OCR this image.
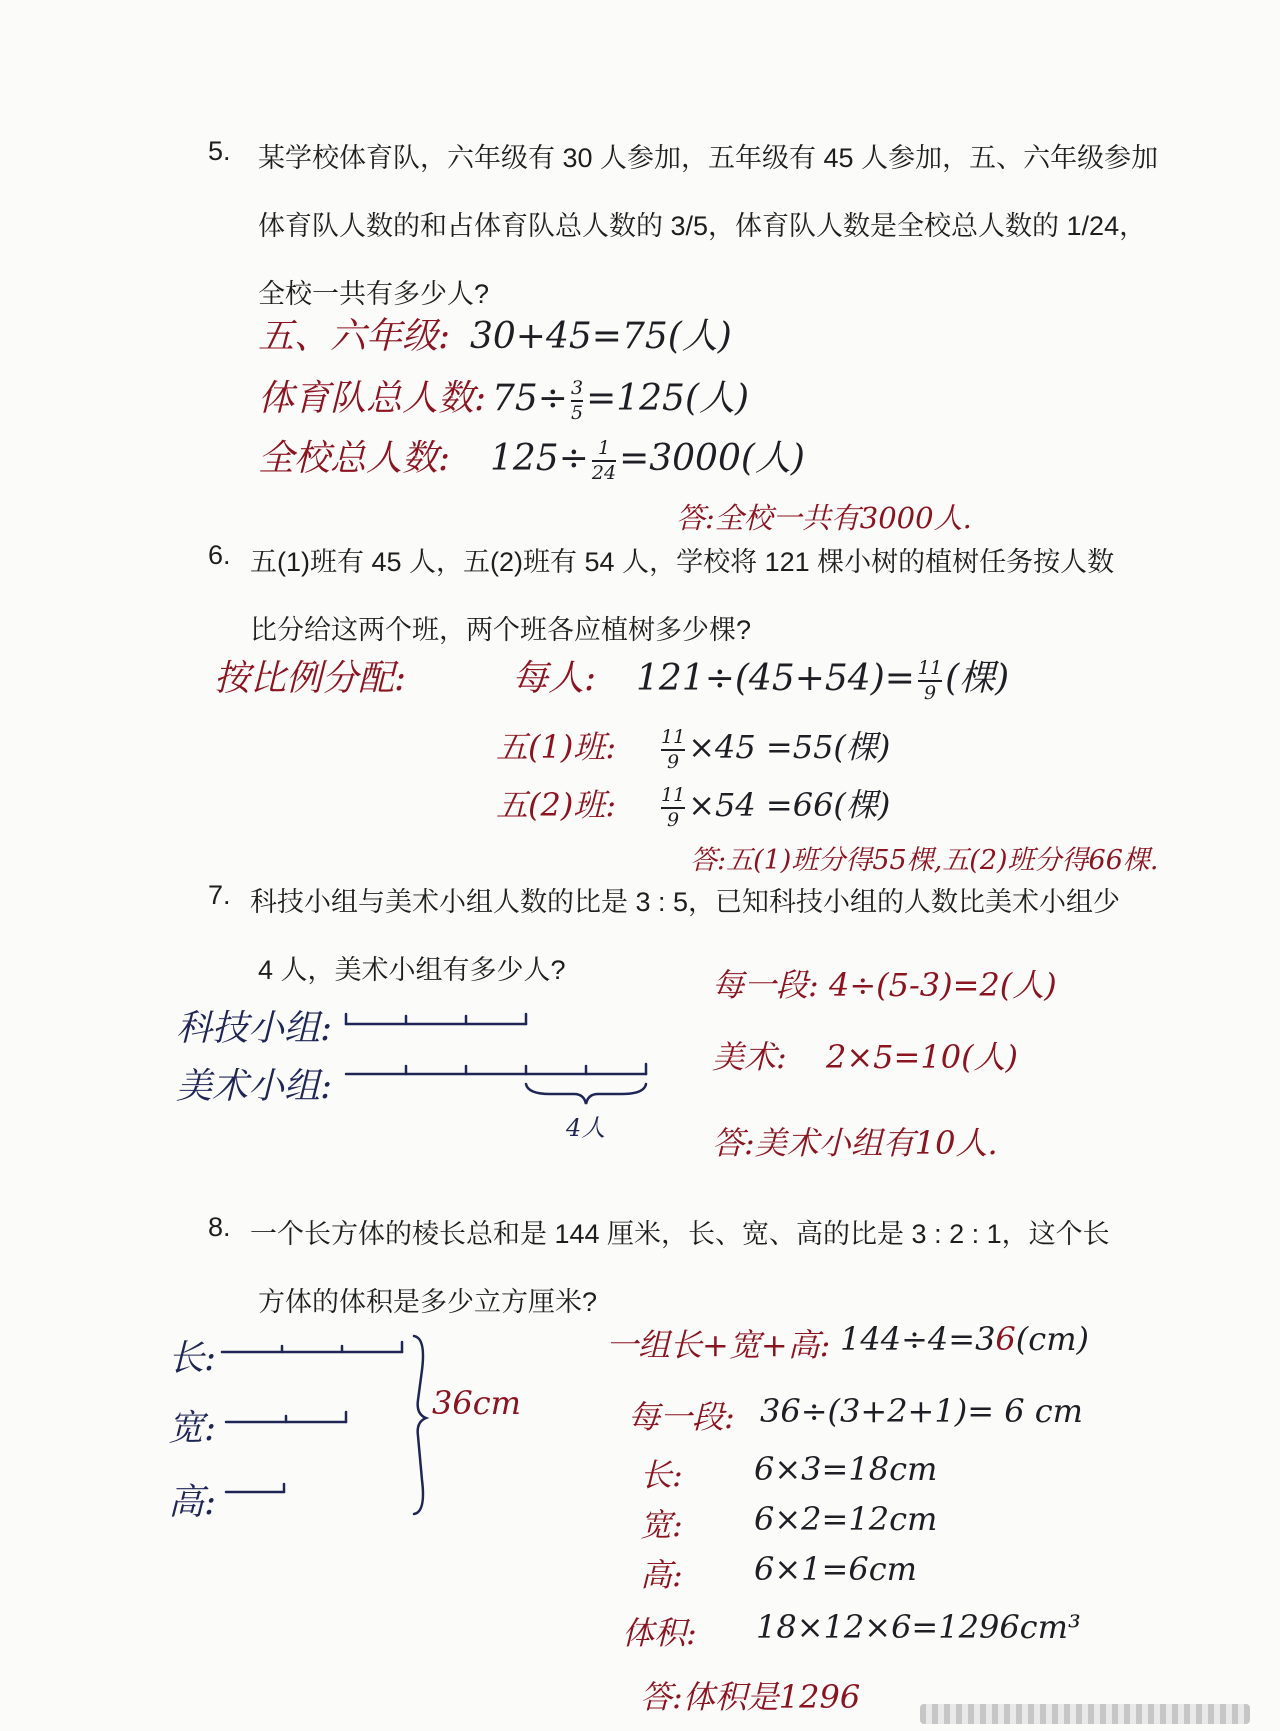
5. 某学校体育队，六年级有 30 人参加，五年级有 45 人参加，五、六年级参加
体育队人数的和占体育队总人数的 3/5，体育队人数是全校总人数的 1/24，
全校一共有多少人?
五、六年级: 30+45=75(人)
体育队总人数: $75\div \frac{3}{5} =125$(人)
全校总人数: $125\div \frac{1}{24} =3000$(人)
答:全校一共有3000人.
6. 五(1)班有 45 人，五(2)班有 54 人，学校将 121 棵小树的植树任务按人数
比分给这两个班，两个班各应植树多少棵?
按比例分配:	每人: $121\div(45+54)= \frac{11}{9}$ (棵)
五(1)班: $\frac{11}{9} \times 45 =55$(棵)
五(2)班: $\frac{11}{9} \times 54 =66$(棵)
答:五(1)班分得55棵,五(2)班分得66棵.
7. 科技小组与美术小组人数的比是 3 : 5，已知科技小组的人数比美术小组少
4 人，美术小组有多少人?
科技小组:
美术小组:
4人
每一段: 4÷(5-3)=2(人)
美术: 2×5=10(人)
答:美术小组有10人.
8. 一个长方体的棱长总和是 144 厘米，长、宽、高的比是 3 : 2 : 1，这个长
方体的体积是多少立方厘米?
长:
宽:
高:
36cm
一组长+宽+高: 144÷4=36(cm)
每一段: 36÷(3+2+1)= 6 cm
长: 6×3=18cm
宽: 6×2=12cm
高: 6×1=6cm
体积: 18×12×6=1296cm³
答:体积是1296
